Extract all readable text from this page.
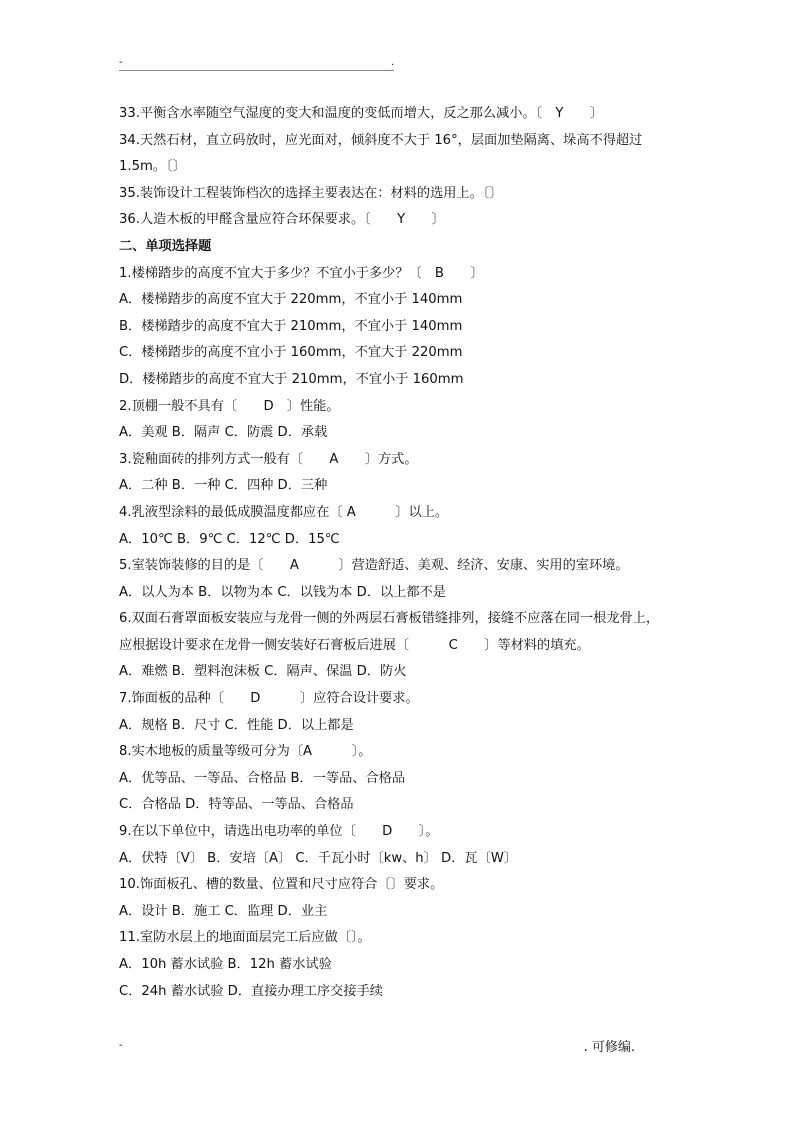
-	.
33.平衡含水率随空气湿度的变大和温度的变低而增大，反之那么减小。〔　Y　　〕
34.天然石材，直立码放时，应光面对，倾斜度不大于 16°，层面加垫隔离、垛高不得超过
1.5m。〔〕
35.装饰设计工程装饰档次的选择主要表达在：材料的选用上。〔〕
36.人造木板的甲醛含量应符合环保要求。〔　　Y　　〕
二、单项选择题
1.楼梯踏步的高度不宜大于多少？不宜小于多少？〔　B　　〕
A．楼梯踏步的高度不宜大于 220mm，不宜小于 140mm
B．楼梯踏步的高度不宜大于 210mm，不宜小于 140mm
C．楼梯踏步的高度不宜小于 160mm，不宜大于 220mm
D．楼梯踏步的高度不宜大于 210mm，不宜小于 160mm
2.顶棚一般不具有〔　　D　〕性能。
A．美观 B．隔声 C．防震 D．承载
3.瓷釉面砖的排列方式一般有〔　　A　　〕方式。
A．二种 B．一种 C．四种 D．三种
4.乳液型涂料的最低成膜温度都应在〔 A　　　〕以上。
A．10℃ B．9℃ C．12℃ D．15℃
5.室装饰装修的目的是〔　　A　　　〕营造舒适、美观、经济、安康、实用的室环境。
A．以人为本 B．以物为本 C．以钱为本 D．以上都不是
6.双面石膏罩面板安装应与龙骨一侧的外两层石膏板错缝排列，接缝不应落在同一根龙骨上，
应根据设计要求在龙骨一侧安装好石膏板后进展〔　　　C　　〕等材料的填充。
A．难燃 B．塑料泡沫板 C．隔声、保温 D．防火
7.饰面板的品种〔　　D　　　〕应符合设计要求。
A．规格 B．尺寸 C．性能 D．以上都是
8.实木地板的质量等级可分为〔A　　　〕。
A．优等品、一等品、合格品 B．一等品、合格品
C．合格品 D．特等品、一等品、合格品
9.在以下单位中，请选出电功率的单位〔　　D　　〕。
A．伏特〔V〕 B．安培〔A〕 C．千瓦小时〔kw、h〕 D．瓦〔W〕
10.饰面板孔、槽的数量、位置和尺寸应符合〔〕要求。
A．设计 B．施工 C．监理 D．业主
11.室防水层上的地面面层完工后应做〔〕。
A．10h 蓄水试验 B．12h 蓄水试验
C．24h 蓄水试验 D．直接办理工序交接手续
-	. 可修编.
